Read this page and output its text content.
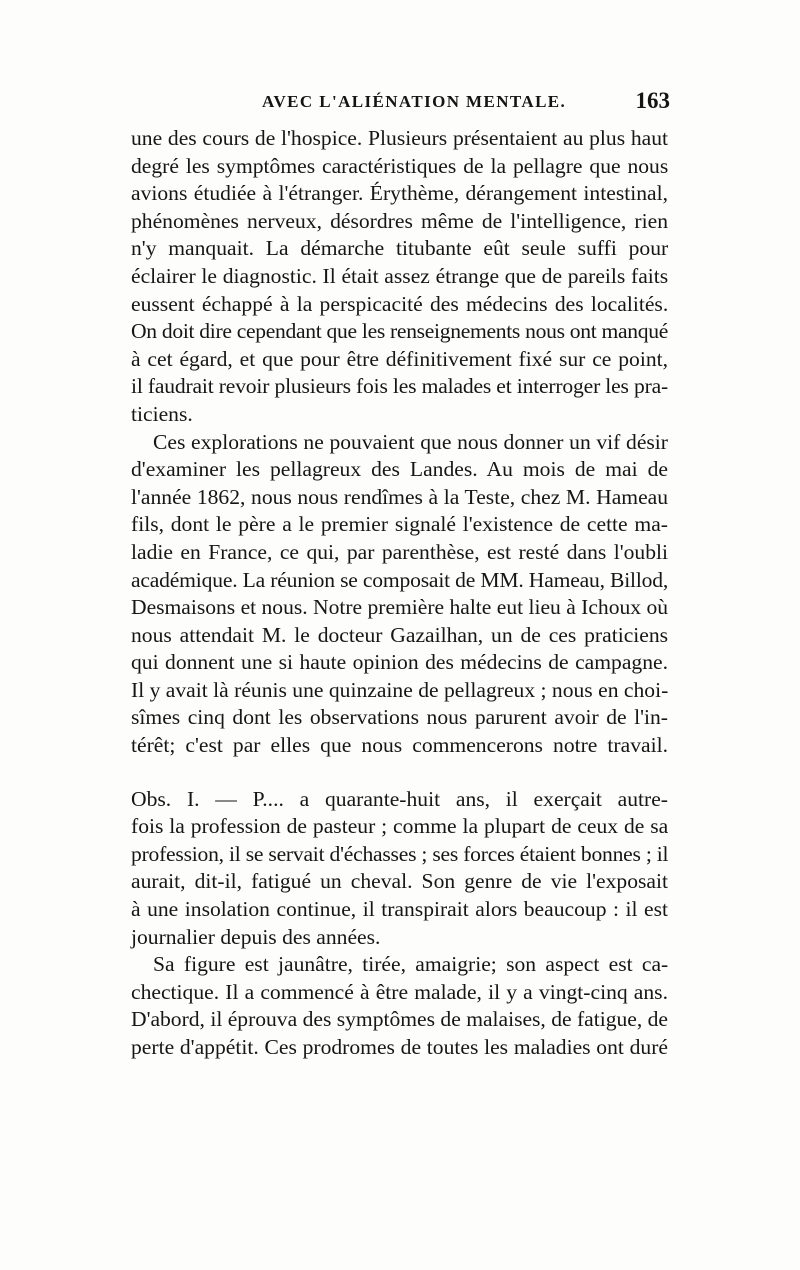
AVEC L'ALIÉNATION MENTALE.	163
une des cours de l'hospice. Plusieurs présentaient au plus haut
degré les symptômes caractéristiques de la pellagre que nous
avions étudiée à l'étranger. Érythème, dérangement intestinal,
phénomènes nerveux, désordres même de l'intelligence, rien
n'y manquait. La démarche titubante eût seule suffi pour
éclairer le diagnostic. Il était assez étrange que de pareils faits
eussent échappé à la perspicacité des médecins des localités.
On doit dire cependant que les renseignements nous ont manqué
à cet égard, et que pour être définitivement fixé sur ce point,
il faudrait revoir plusieurs fois les malades et interroger les pra-
ticiens.
Ces explorations ne pouvaient que nous donner un vif désir
d'examiner les pellagreux des Landes. Au mois de mai de
l'année 1862, nous nous rendîmes à la Teste, chez M. Hameau
fils, dont le père a le premier signalé l'existence de cette ma-
ladie en France, ce qui, par parenthèse, est resté dans l'oubli
académique. La réunion se composait de MM. Hameau, Billod,
Desmaisons et nous. Notre première halte eut lieu à Ichoux où
nous attendait M. le docteur Gazailhan, un de ces praticiens
qui donnent une si haute opinion des médecins de campagne.
Il y avait là réunis une quinzaine de pellagreux ; nous en choi-
sîmes cinq dont les observations nous parurent avoir de l'in-
térêt; c'est par elles que nous commencerons notre travail.
Obs. I. — P.... a quarante-huit ans, il exerçait autre-
fois la profession de pasteur ; comme la plupart de ceux de sa
profession, il se servait d'échasses ; ses forces étaient bonnes ; il
aurait, dit-il, fatigué un cheval. Son genre de vie l'exposait
à une insolation continue, il transpirait alors beaucoup : il est
journalier depuis des années.
Sa figure est jaunâtre, tirée, amaigrie; son aspect est ca-
chectique. Il a commencé à être malade, il y a vingt-cinq ans.
D'abord, il éprouva des symptômes de malaises, de fatigue, de
perte d'appétit. Ces prodromes de toutes les maladies ont duré
